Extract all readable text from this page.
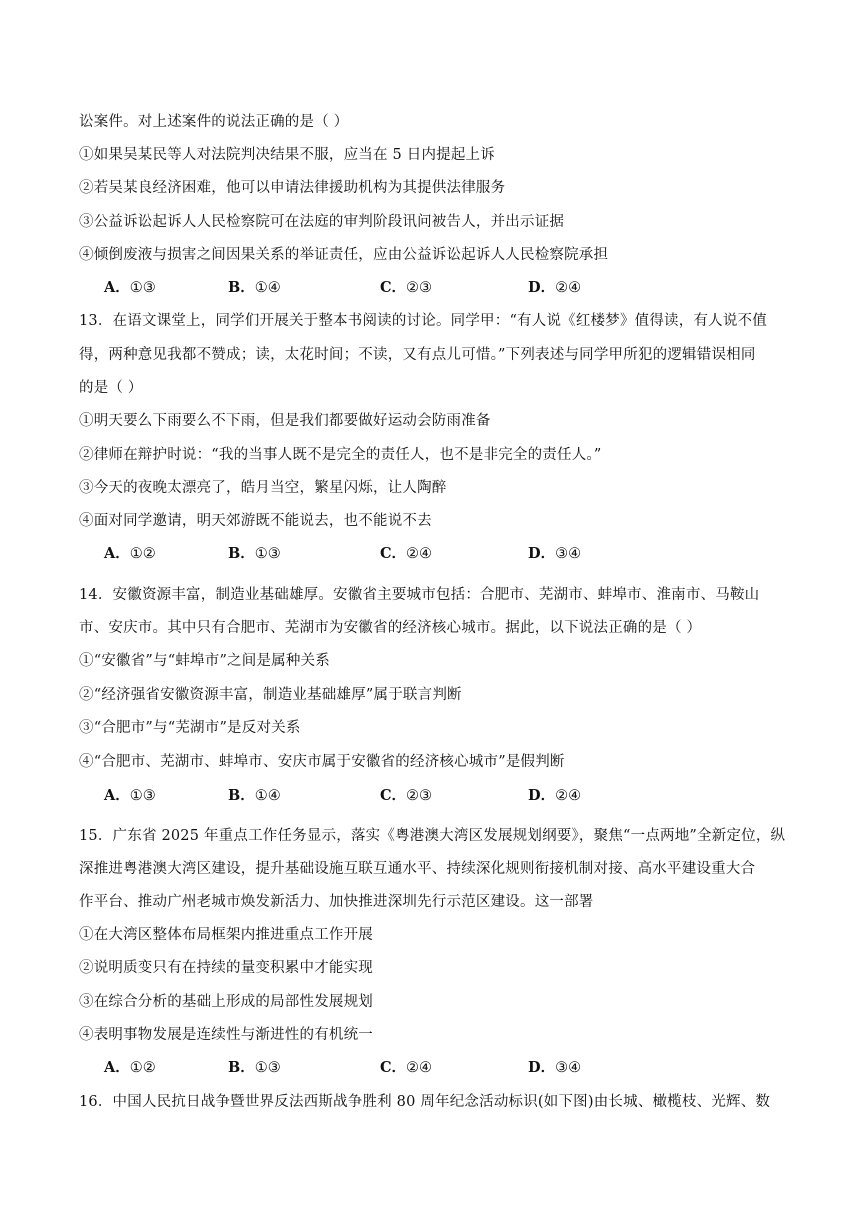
讼案件。对上述案件的说法正确的是（ ）
①如果吴某民等人对法院判决结果不服，应当在 5 日内提起上诉
②若吴某良经济困难，他可以申请法律援助机构为其提供法律服务
③公益诉讼起诉人人民检察院可在法庭的审判阶段讯问被告人，并出示证据
④倾倒废液与损害之间因果关系的举证责任，应由公益诉讼起诉人人民检察院承担
A．①③	B．①④	C．②③	D．②④
13．在语文课堂上，同学们开展关于整本书阅读的讨论。同学甲：“有人说《红楼梦》值得读，有人说不值
得，两种意见我都不赞成；读，太花时间；不读，又有点儿可惜。”下列表述与同学甲所犯的逻辑错误相同
的是（ ）
①明天要么下雨要么不下雨，但是我们都要做好运动会防雨准备
②律师在辩护时说：“我的当事人既不是完全的责任人，也不是非完全的责任人。”
③今天的夜晚太漂亮了，皓月当空，繁星闪烁，让人陶醉
④面对同学邀请，明天郊游既不能说去，也不能说不去
A．①②	B．①③	C．②④	D．③④
14．安徽资源丰富，制造业基础雄厚。安徽省主要城市包括：合肥市、芜湖市、蚌埠市、淮南市、马鞍山
市、安庆市。其中只有合肥市、芜湖市为安徽省的经济核心城市。据此，以下说法正确的是（ ）
①“安徽省”与“蚌埠市”之间是属种关系
②“经济强省安徽资源丰富，制造业基础雄厚”属于联言判断
③“合肥市”与“芜湖市”是反对关系
④“合肥市、芜湖市、蚌埠市、安庆市属于安徽省的经济核心城市”是假判断
A．①③	B．①④	C．②③	D．②④
15．广东省 2025 年重点工作任务显示，落实《粤港澳大湾区发展规划纲要》，聚焦“一点两地”全新定位，纵
深推进粤港澳大湾区建设，提升基础设施互联互通水平、持续深化规则衔接机制对接、高水平建设重大合
作平台、推动广州老城市焕发新活力、加快推进深圳先行示范区建设。这一部署
①在大湾区整体布局框架内推进重点工作开展
②说明质变只有在持续的量变积累中才能实现
③在综合分析的基础上形成的局部性发展规划
④表明事物发展是连续性与渐进性的有机统一
A．①②	B．①③	C．②④	D．③④
16．中国人民抗日战争暨世界反法西斯战争胜利 80 周年纪念活动标识(如下图)由长城、橄榄枝、光辉、数
